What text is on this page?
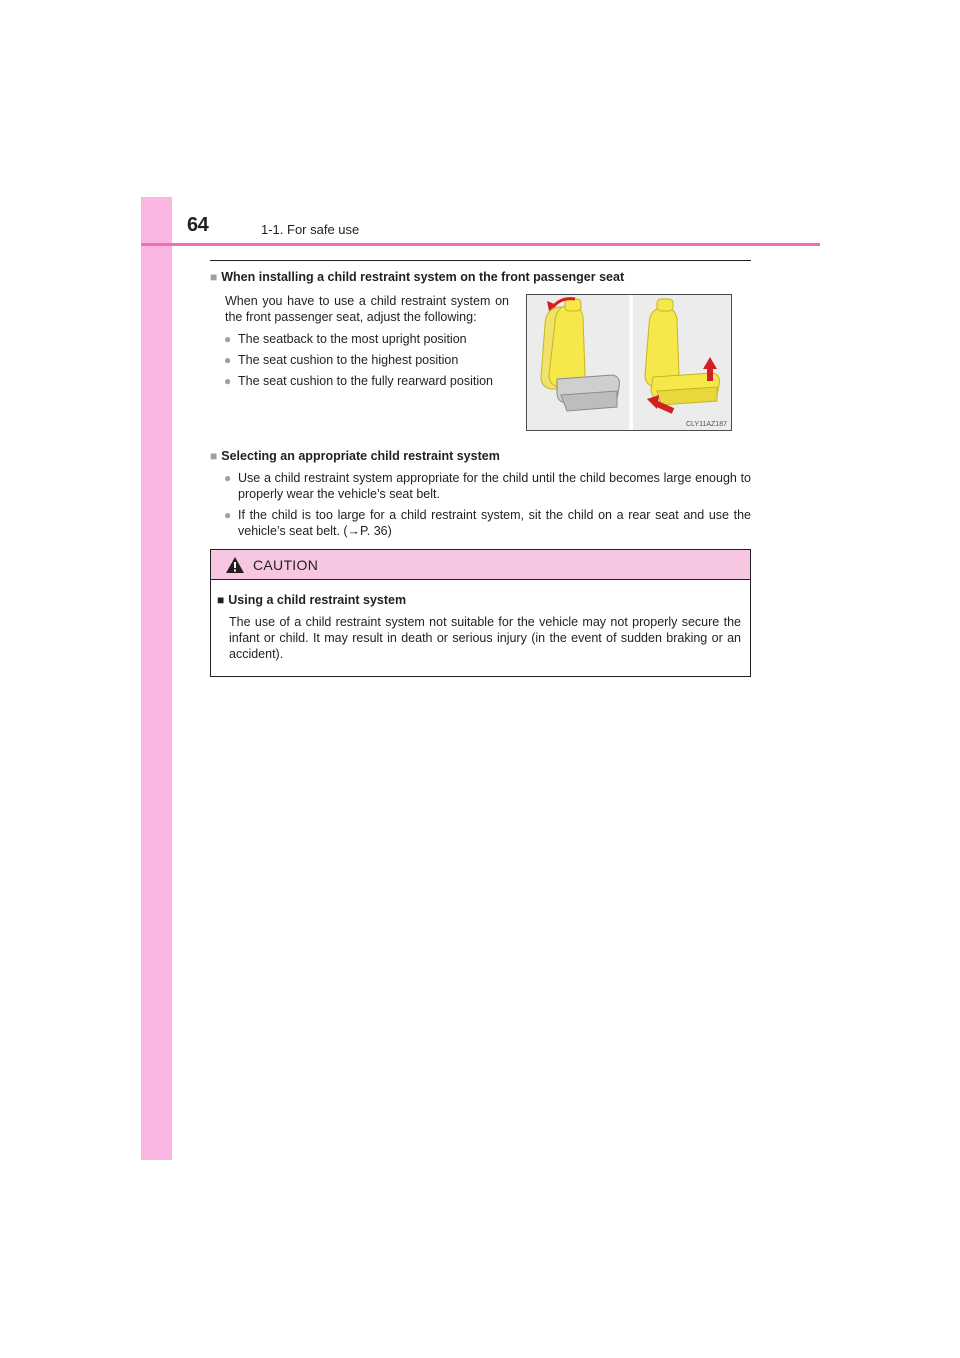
64	1-1. For safe use
■ When installing a child restraint system on the front passenger seat
When you have to use a child restraint system on the front passenger seat, adjust the following:
● The seatback to the most upright position
● The seat cushion to the highest position
● The seat cushion to the fully rearward position
CLY11AZ187
■ Selecting an appropriate child restraint system
● Use a child restraint system appropriate for the child until the child becomes large enough to properly wear the vehicle’s seat belt.
● If the child is too large for a child restraint system, sit the child on a rear seat and use the vehicle’s seat belt. (→P. 36)
CAUTION
■ Using a child restraint system
The use of a child restraint system not suitable for the vehicle may not properly secure the infant or child. It may result in death or serious injury (in the event of sudden braking or an accident).
